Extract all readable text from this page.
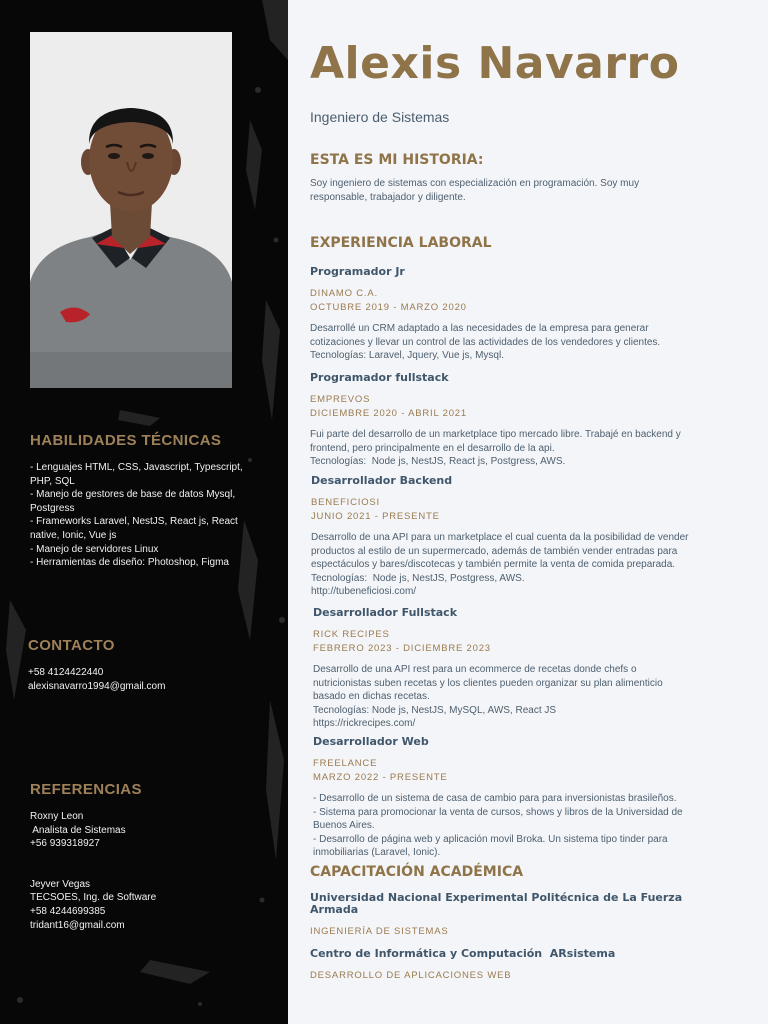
HABILIDADES TÉCNICAS
- Lenguajes HTML, CSS, Javascript, Typescript, PHP, SQL
- Manejo de gestores de base de datos Mysql, Postgress
- Frameworks Laravel, NestJS, React js, React native, Ionic, Vue js
- Manejo de servidores Linux
- Herramientas de diseño: Photoshop, Figma
CONTACTO
+58 4124422440
alexisnavarro1994@gmail.com
REFERENCIAS
Roxny Leon
Analista de Sistemas
+56 939318927
Jeyver Vegas
TECSOES, Ing. de Software
+58 4244699385
tridant16@gmail.com
Alexis Navarro
Ingeniero de Sistemas
ESTA ES MI HISTORIA:
Soy ingeniero de sistemas con especialización en programación. Soy muy responsable, trabajador y diligente.
EXPERIENCIA LABORAL
Programador Jr
DINAMO C.A.
OCTUBRE 2019 - MARZO 2020
Desarrollé un CRM adaptado a las necesidades de la empresa para generar
cotizaciones y llevar un control de las actividades de los vendedores y clientes.
Tecnologías: Laravel, Jquery, Vue js, Mysql.
Programador fullstack
EMPREVOS
DICIEMBRE 2020 - ABRIL 2021
Fui parte del desarrollo de un marketplace tipo mercado libre. Trabajé en backend y
frontend, pero principalmente en el desarrollo de la api.
Tecnologías:  Node js, NestJS, React js, Postgress, AWS.
Desarrollador Backend
BENEFICIOSI
JUNIO 2021 - PRESENTE
Desarrollo de una API para un marketplace el cual cuenta da la posibilidad de vender
productos al estilo de un supermercado, además de también vender entradas para
espectáculos y bares/discotecas y también permite la venta de comida preparada.
Tecnologías:  Node js, NestJS, Postgress, AWS.
http://tubeneficiosi.com/
Desarrollador Fullstack
RICK RECIPES
FEBRERO 2023 - DICIEMBRE 2023
Desarrollo de una API rest para un ecommerce de recetas donde chefs o
nutricionistas suben recetas y los clientes pueden organizar su plan alimenticio
basado en dichas recetas.
Tecnologías: Node js, NestJS, MySQL, AWS, React JS
https://rickrecipes.com/
Desarrollador Web
FREELANCE
MARZO 2022 - PRESENTE
- Desarrollo de un sistema de casa de cambio para para inversionistas brasileños.
- Sistema para promocionar la venta de cursos, shows y libros de la Universidad de
Buenos Aires.
- Desarrollo de página web y aplicación movil Broka. Un sistema tipo tinder para
inmobiliarias (Laravel, Ionic).
CAPACITACIÓN ACADÉMICA
Universidad Nacional Experimental Politécnica de La Fuerza Armada
INGENIERÍA DE SISTEMAS
Centro de Informática y Computación  ARsistema
DESARROLLO DE APLICACIONES WEB
